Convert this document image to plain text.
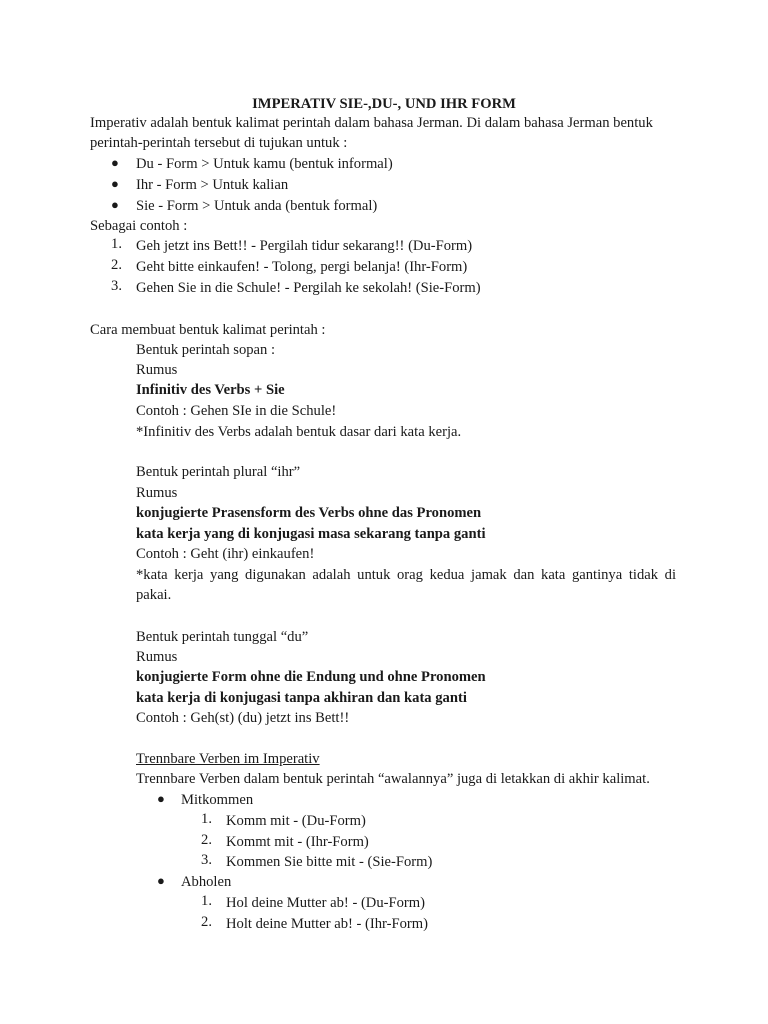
IMPERATIV SIE-,DU-, UND IHR FORM
Imperativ adalah bentuk kalimat perintah dalam bahasa Jerman. Di dalam bahasa Jerman bentuk
perintah-perintah tersebut di tujukan untuk :
● Du - Form > Untuk kamu (bentuk informal)
● Ihr - Form > Untuk kalian
● Sie - Form > Untuk anda (bentuk formal)
Sebagai contoh :
1. Geh jetzt ins Bett!! - Pergilah tidur sekarang!! (Du-Form)
2. Geht bitte einkaufen! - Tolong, pergi belanja! (Ihr-Form)
3. Gehen Sie in die Schule! - Pergilah ke sekolah! (Sie-Form)
Cara membuat bentuk kalimat perintah :
Bentuk perintah sopan :
Rumus
Infinitiv des Verbs + Sie
Contoh : Gehen SIe in die Schule!
*Infinitiv des Verbs adalah bentuk dasar dari kata kerja.
Bentuk perintah plural “ihr”
Rumus
konjugierte Prasensform des Verbs ohne das Pronomen
kata kerja yang di konjugasi masa sekarang tanpa ganti
Contoh : Geht (ihr) einkaufen!
*kata kerja yang digunakan adalah untuk orag kedua jamak dan kata gantinya tidak di
pakai.
Bentuk perintah tunggal “du”
Rumus
konjugierte Form ohne die Endung und ohne Pronomen
kata kerja di konjugasi tanpa akhiran dan kata ganti
Contoh : Geh(st) (du) jetzt ins Bett!!
Trennbare Verben im Imperativ
Trennbare Verben dalam bentuk perintah “awalannya” juga di letakkan di akhir kalimat.
● Mitkommen
1. Komm mit - (Du-Form)
2. Kommt mit - (Ihr-Form)
3. Kommen Sie bitte mit - (Sie-Form)
● Abholen
1. Hol deine Mutter ab! - (Du-Form)
2. Holt deine Mutter ab! - (Ihr-Form)
